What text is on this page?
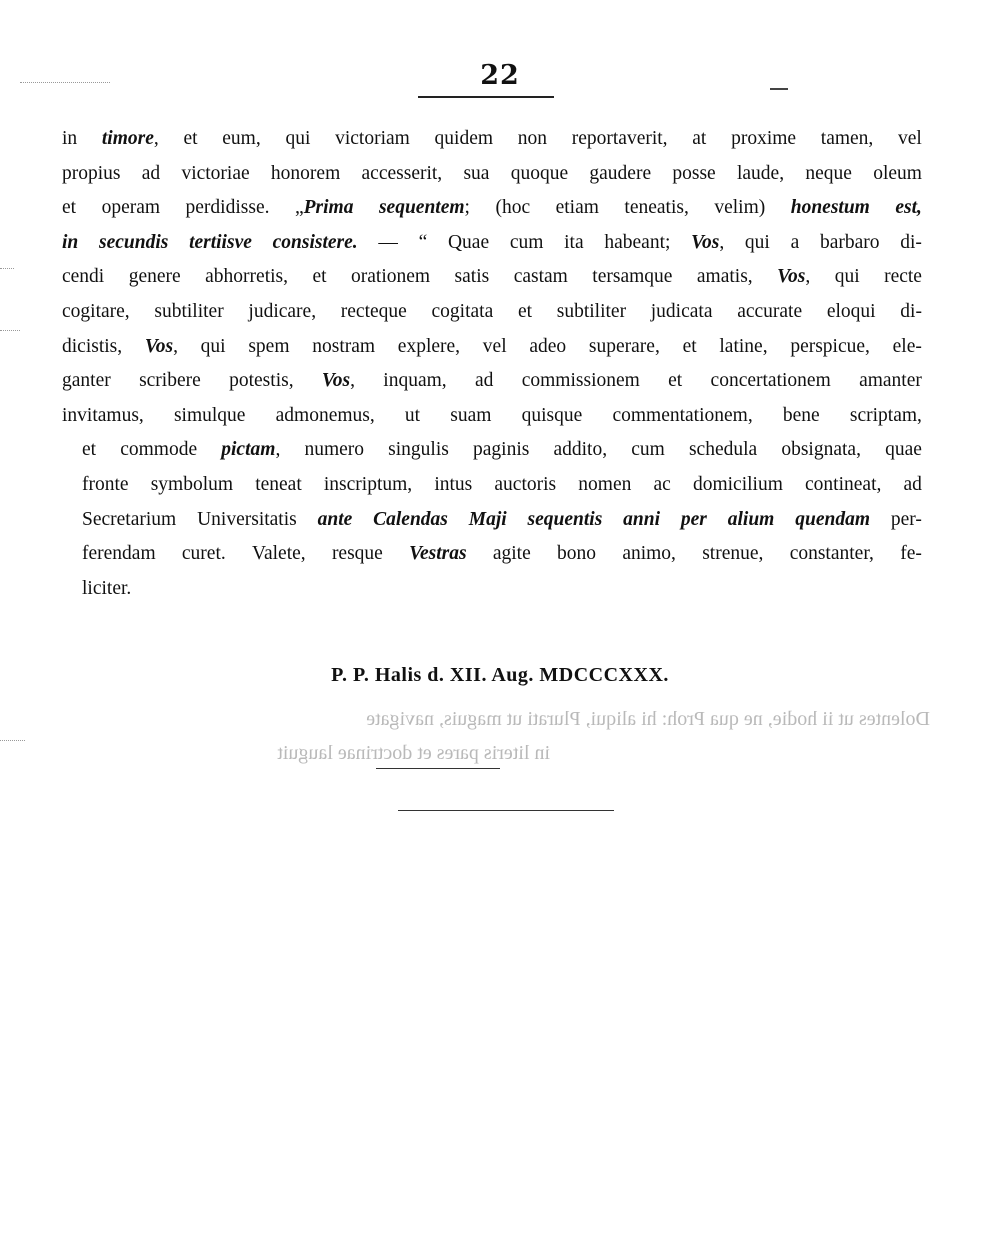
22
in timore, et eum, qui victoriam quidem non reportaverit, at proxime tamen, vel
propius ad victoriae honorem accesserit, sua quoque gaudere posse laude, neque oleum
et operam perdidisse. „Prima sequentem; (hoc etiam teneatis, velim) honestum est,
in secundis tertiisve consistere. — “ Quae cum ita habeant; Vos, qui a barbaro di-
cendi genere abhorretis, et orationem satis castam tersamque amatis, Vos, qui recte
cogitare, subtiliter judicare, recteque cogitata et subtiliter judicata accurate eloqui di-
dicistis, Vos, qui spem nostram explere, vel adeo superare, et latine, perspicue, ele-
ganter scribere potestis, Vos, inquam, ad commissionem et concertationem amanter
invitamus, simulque admonemus, ut suam quisque commentationem, bene scriptam,
et commode pictam, numero singulis paginis addito, cum schedula obsignata, quae
fronte symbolum teneat inscriptum, intus auctoris nomen ac domicilium contineat, ad
Secretarium Universitatis ante Calendas Maji sequentis anni per alium quendam per-
ferendam curet. Valete, resque Vestras agite bono animo, strenue, constanter, fe-
liciter.
P. P. Halis d. XII. Aug. MDCCCXXX.
Dolentes ut ii hodie, ne qua Proh: hi aliqui, Plurati ut maguis, navigate
in literis pares et doctrinae lauguit
